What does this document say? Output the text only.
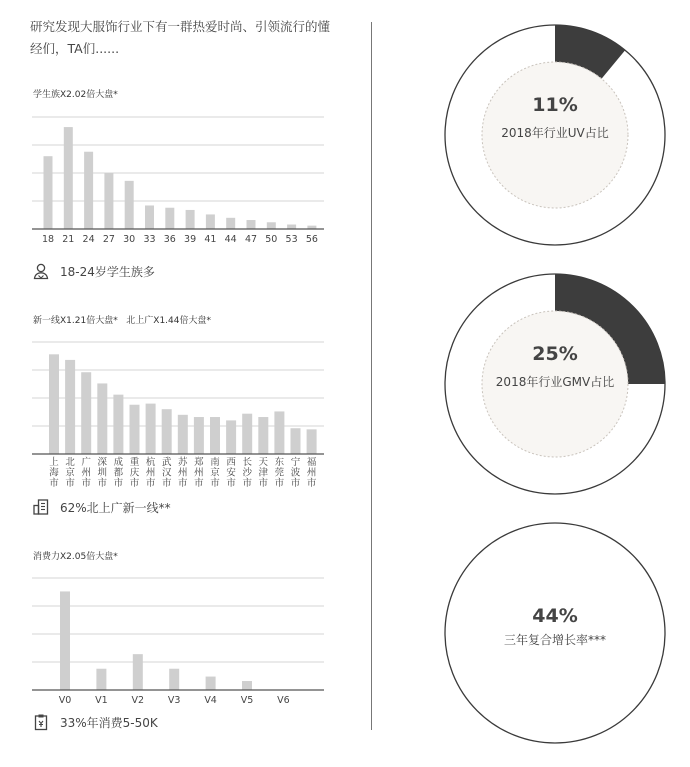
研究发现大服饰行业下有一群热爱时尚、引领流行的懂经们，TA们......
学生族X2.02倍大盘*
18 21 24 27 30 33 36 39 41 44 47 50 53 56
18-24岁学生族多
新一线X1.21倍大盘*   北上广X1.44倍大盘*
上海市
北京市
广州市
深圳市
成都市
重庆市
杭州市
武汉市
苏州市
郑州市
南京市
西安市
长沙市
天津市
东莞市
宁波市
福州市
62%北上广新一线**
消费力X2.05倍大盘*
V0	V1	V2	V3	V4	V5	V6
33%年消费5-50K
11%
2018年行业UV占比
25%
2018年行业GMV占比
44%
三年复合增长率***
